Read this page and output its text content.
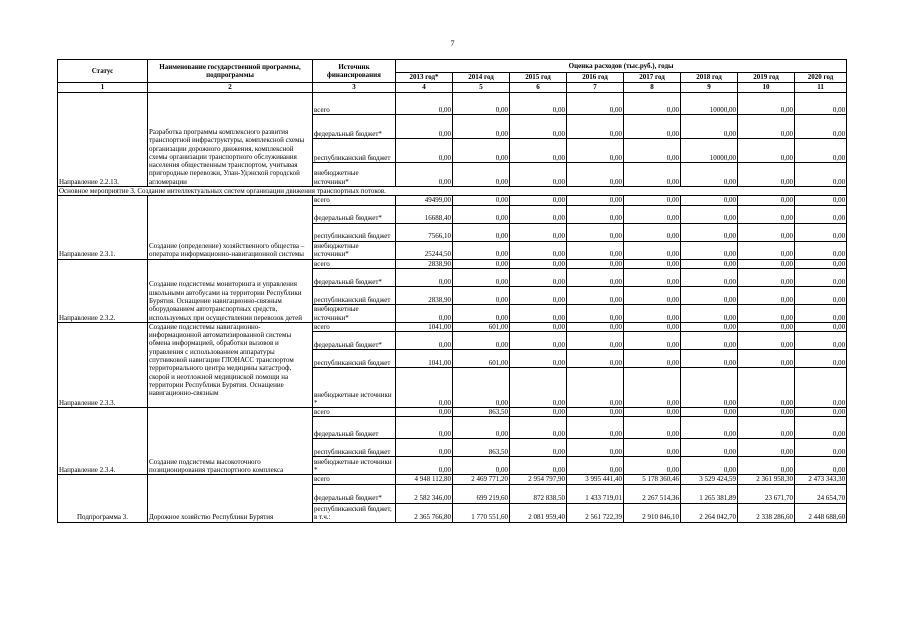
7
Статус	Наименование государственной программы, подпрограммы	Источник финансирования	Оценка расходов (тыс.руб.), годы							
			2013 год*	2014 год	2015 год	2016 год	2017 год	2018 год	2019 год	2020 год
1	2	3	4	5	6	7	8	9	10	11
Направление 2.2.13.	Разработка программы комплексного развития транспортной инфраструктуры, комплексной схемы организации дорожного движения, комплексной схемы организации транспортного обслуживания населения общественным транспортом, учитывая пригородные перевозки, Улан-Удэнской городской агломерации	всего	0,00	0,00	0,00	0,00	0,00	10000,00	0,00	0,00
		федеральный бюджет*	0,00	0,00	0,00	0,00	0,00	0,00	0,00	0,00
		республиканский бюджет	0,00	0,00	0,00	0,00	0,00	10000,00	0,00	0,00
		внебюджетные источники*	0,00	0,00	0,00	0,00	0,00	0,00	0,00	0,00
Основное мероприятие 3. Создание интеллектуальных систем организации движения транспортных потоков.										
Направление 2.3.1.	Создание (определение) хозяйственного общества – оператора информационно-навигационной системы	всего	49499,00	0,00	0,00	0,00	0,00	0,00	0,00	0,00
		федеральный бюджет*	16688,40	0,00	0,00	0,00	0,00	0,00	0,00	0,00
		республиканский бюджет	7566,10	0,00	0,00	0,00	0,00	0,00	0,00	0,00
		внебюджетные источники*	25244,50	0,00	0,00	0,00	0,00	0,00	0,00	0,00
Направление 2.3.2.	Создание подсистемы мониторинга и управления школьными автобусами на территории Республики Бурятия. Оснащение навигационно-связным оборудованием автотранспортных средств, используемых при осуществлении перевозок детей	всего	2838,90	0,00	0,00	0,00	0,00	0,00	0,00	0,00
		федеральный бюджет*	0,00	0,00	0,00	0,00	0,00	0,00	0,00	0,00
		республиканский бюджет	2838,90	0,00	0,00	0,00	0,00	0,00	0,00	0,00
		внебюджетные источники*	0,00	0,00	0,00	0,00	0,00	0,00	0,00	0,00
Направление 2.3.3.	Создание подсистемы навигационно-информационной автоматизированной системы обмена информацией, обработки вызовов и управления с использованием аппаратуры спутниковой навигации ГЛОНАСС транспортом территориального центра медицины катастроф, скорой и неотложной медицинской помощи на территории Республики Бурятия. Оснащение навигационно-связным	всего	1041,00	601,00	0,00	0,00	0,00	0,00	0,00	0,00
		федеральный бюджет*	0,00	0,00	0,00	0,00	0,00	0,00	0,00	0,00
		республиканский бюджет	1041,00	601,00	0,00	0,00	0,00	0,00	0,00	0,00
		внебюджетные источники *	0,00	0,00	0,00	0,00	0,00	0,00	0,00	0,00
Направление 2.3.4.	Создание подсистемы высокоточного позиционирования транспортного комплекса	всего	0,00	863,50	0,00	0,00	0,00	0,00	0,00	0,00
		федеральный бюджет	0,00	0,00	0,00	0,00	0,00	0,00	0,00	0,00
		республиканский бюджет	0,00	863,50	0,00	0,00	0,00	0,00	0,00	0,00
		внебюджетные источники *	0,00	0,00	0,00	0,00	0,00	0,00	0,00	0,00
Подпрограмма 3.	Дорожное хозяйство Республики Бурятия	всего	4 948 112,80	2 469 771,20	2 954 797,90	3 995 441,40	5 178 360,46	3 529 424,59	2 361 958,30	2 473 343,30
		федеральный бюджет*	2 582 346,00	699 219,60	872 838,50	1 433 719,01	2 267 514,36	1 265 381,89	23 671,70	24 654,70
		республиканский бюджет, в т.ч.:	2 365 766,80	1 770 551,60	2 081 959,40	2 561 722,39	2 910 846,10	2 264 042,70	2 338 286,60	2 448 688,60
